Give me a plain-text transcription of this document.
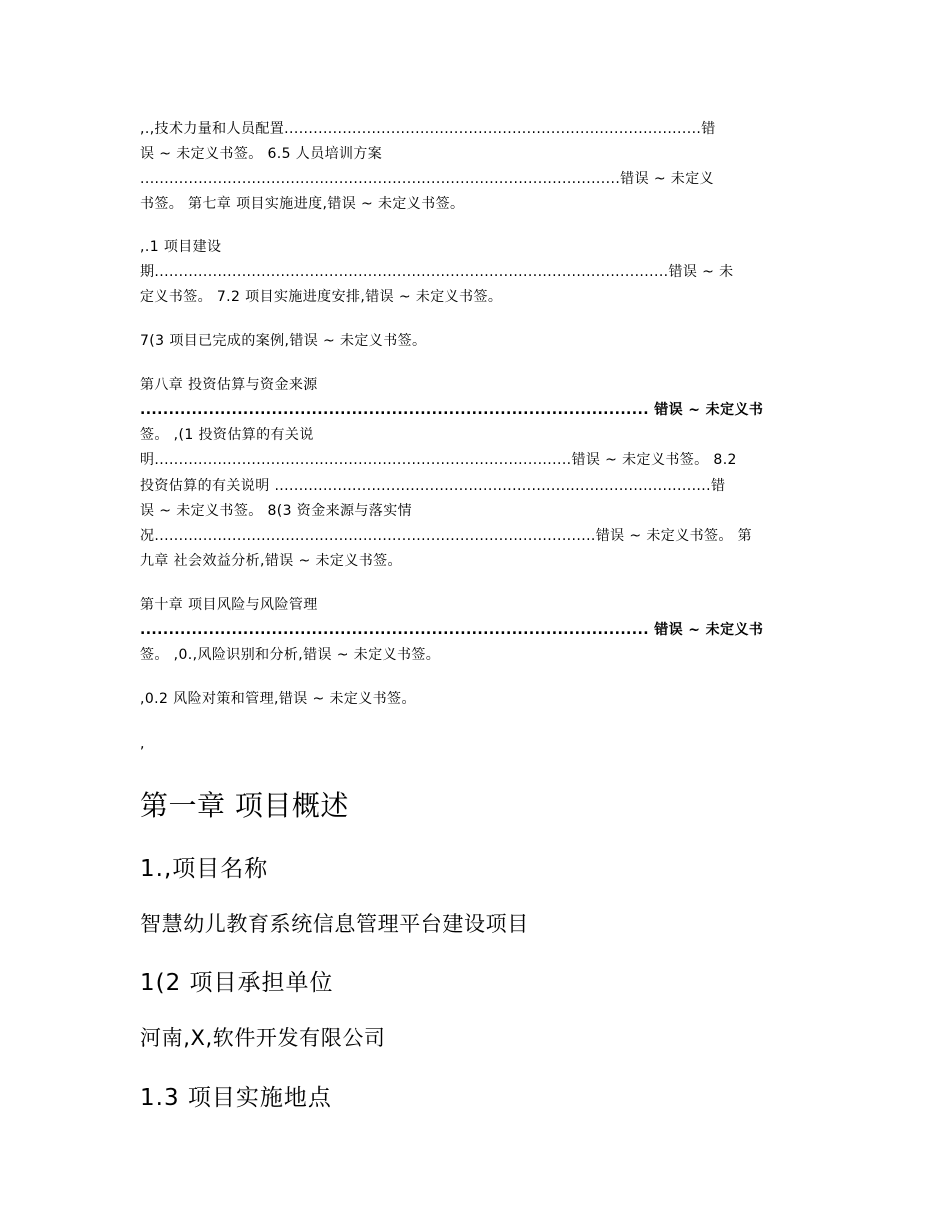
,.,技术力量和人员配置......................................................................................错
误 ~ 未定义书签。 6.5 人员培训方案
...................................................................................................错误 ~ 未定义
书签。 第七章 项目实施进度,错误 ~ 未定义书签。
,.1 项目建设
期..........................................................................................................错误 ~ 未
定义书签。 7.2 项目实施进度安排,错误 ~ 未定义书签。
7(3 项目已完成的案例,错误 ~ 未定义书签。
第八章 投资估算与资金来源
......................................................................................... 错误 ~ 未定义书
签。 ,(1 投资估算的有关说
明......................................................................................错误 ~ 未定义书签。 8.2
投资估算的有关说明 ..........................................................................................错
误 ~ 未定义书签。 8(3 资金来源与落实情
况...........................................................................................错误 ~ 未定义书签。 第
九章 社会效益分析,错误 ~ 未定义书签。
第十章 项目风险与风险管理
......................................................................................... 错误 ~ 未定义书
签。 ,0.,风险识别和分析,错误 ~ 未定义书签。
,0.2 风险对策和管理,错误 ~ 未定义书签。
,
第一章 项目概述
1.,项目名称
智慧幼儿教育系统信息管理平台建设项目
1(2 项目承担单位
河南,X,软件开发有限公司
1.3 项目实施地点
